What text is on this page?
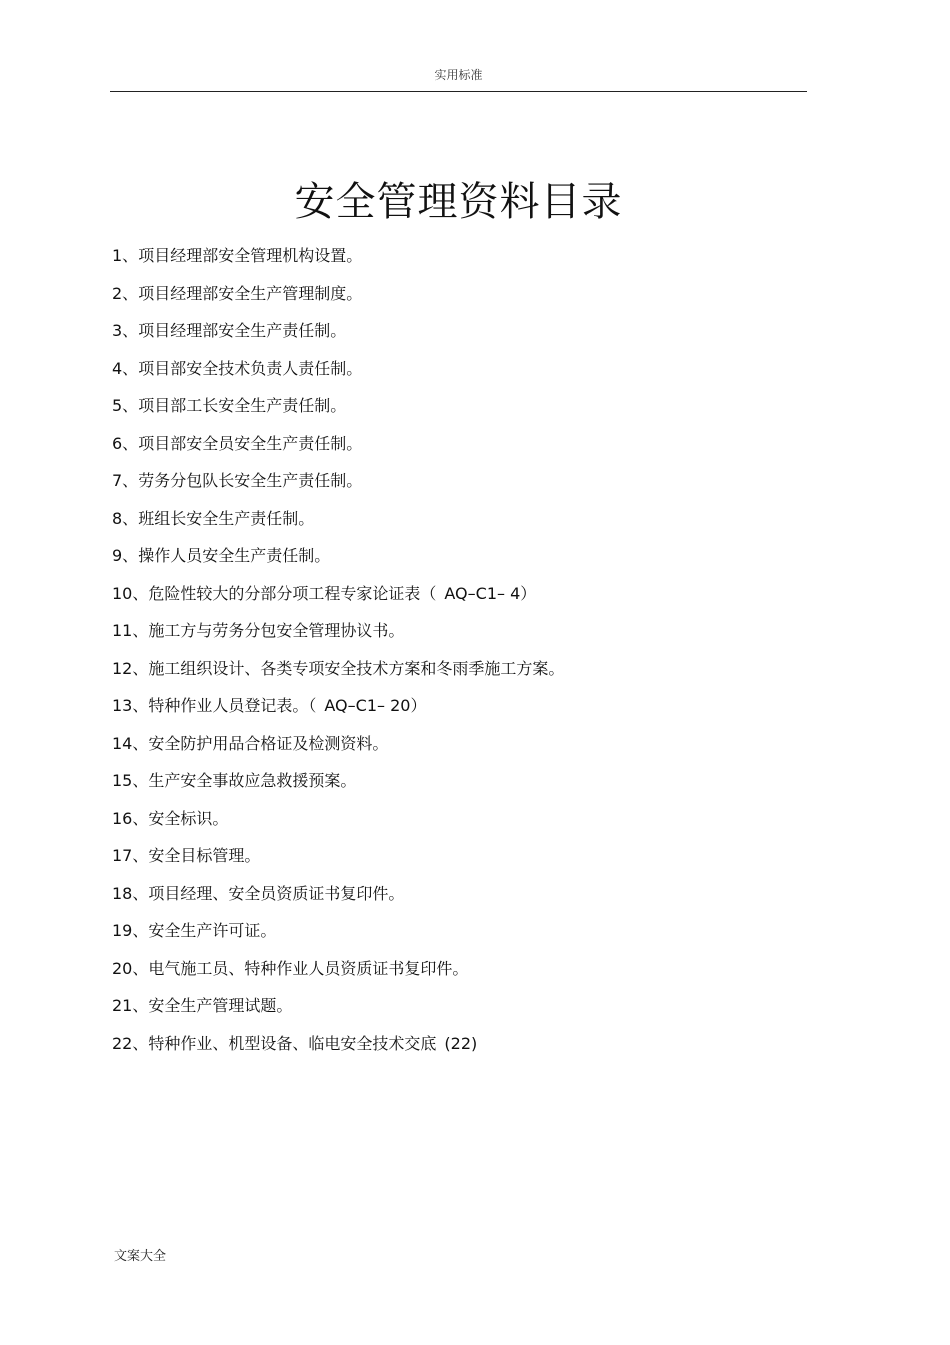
实用标准
安全管理资料目录
1、项目经理部安全管理机构设置。
2、项目经理部安全生产管理制度。
3、项目经理部安全生产责任制。
4、项目部安全技术负责人责任制。
5、项目部工长安全生产责任制。
6、项目部安全员安全生产责任制。
7、劳务分包队长安全生产责任制。
8、班组长安全生产责任制。
9、操作人员安全生产责任制。
10、危险性较大的分部分项工程专家论证表（ AQ–C1– 4）
11、施工方与劳务分包安全管理协议书。
12、施工组织设计、各类专项安全技术方案和冬雨季施工方案。
13、特种作业人员登记表。（ AQ–C1– 20）
14、安全防护用品合格证及检测资料。
15、生产安全事故应急救援预案。
16、安全标识。
17、安全目标管理。
18、项目经理、安全员资质证书复印件。
19、安全生产许可证。
20、电气施工员、特种作业人员资质证书复印件。
21、安全生产管理试题。
22、特种作业、机型设备、临电安全技术交底 (22)
文案大全
